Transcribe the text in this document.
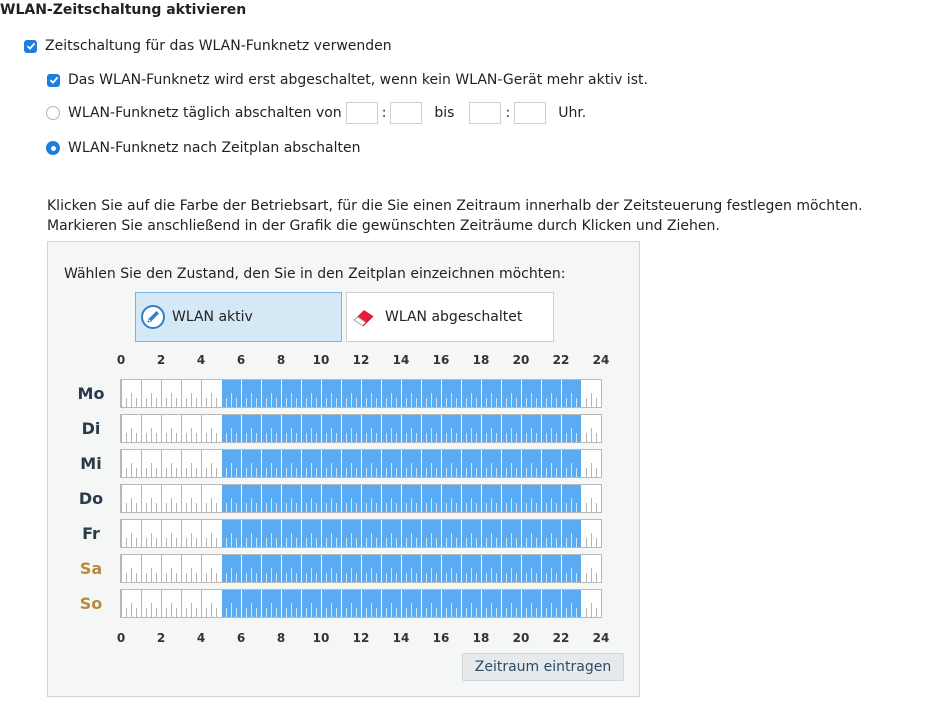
WLAN-Zeitschaltung aktivieren
Zeitschaltung für das WLAN-Funknetz verwenden
Das WLAN-Funknetz wird erst abgeschaltet, wenn kein WLAN-Gerät mehr aktiv ist.
WLAN-Funknetz täglich abschalten von	:	bis	:	Uhr.
WLAN-Funknetz nach Zeitplan abschalten
Klicken Sie auf die Farbe der Betriebsart, für die Sie einen Zeitraum innerhalb der Zeitsteuerung festlegen möchten. Markieren Sie anschließend in der Grafik die gewünschten Zeiträume durch Klicken und Ziehen.
Wählen Sie den Zustand, den Sie in den Zeitplan einzeichnen möchten:
WLAN aktiv	WLAN abgeschaltet
0	2	4	6	8	10	12	14	16	18	20	22	24
Mo
Di
Mi
Do
Fr
Sa
So
0	2	4	6	8	10	12	14	16	18	20	22	24
Zeitraum eintragen
